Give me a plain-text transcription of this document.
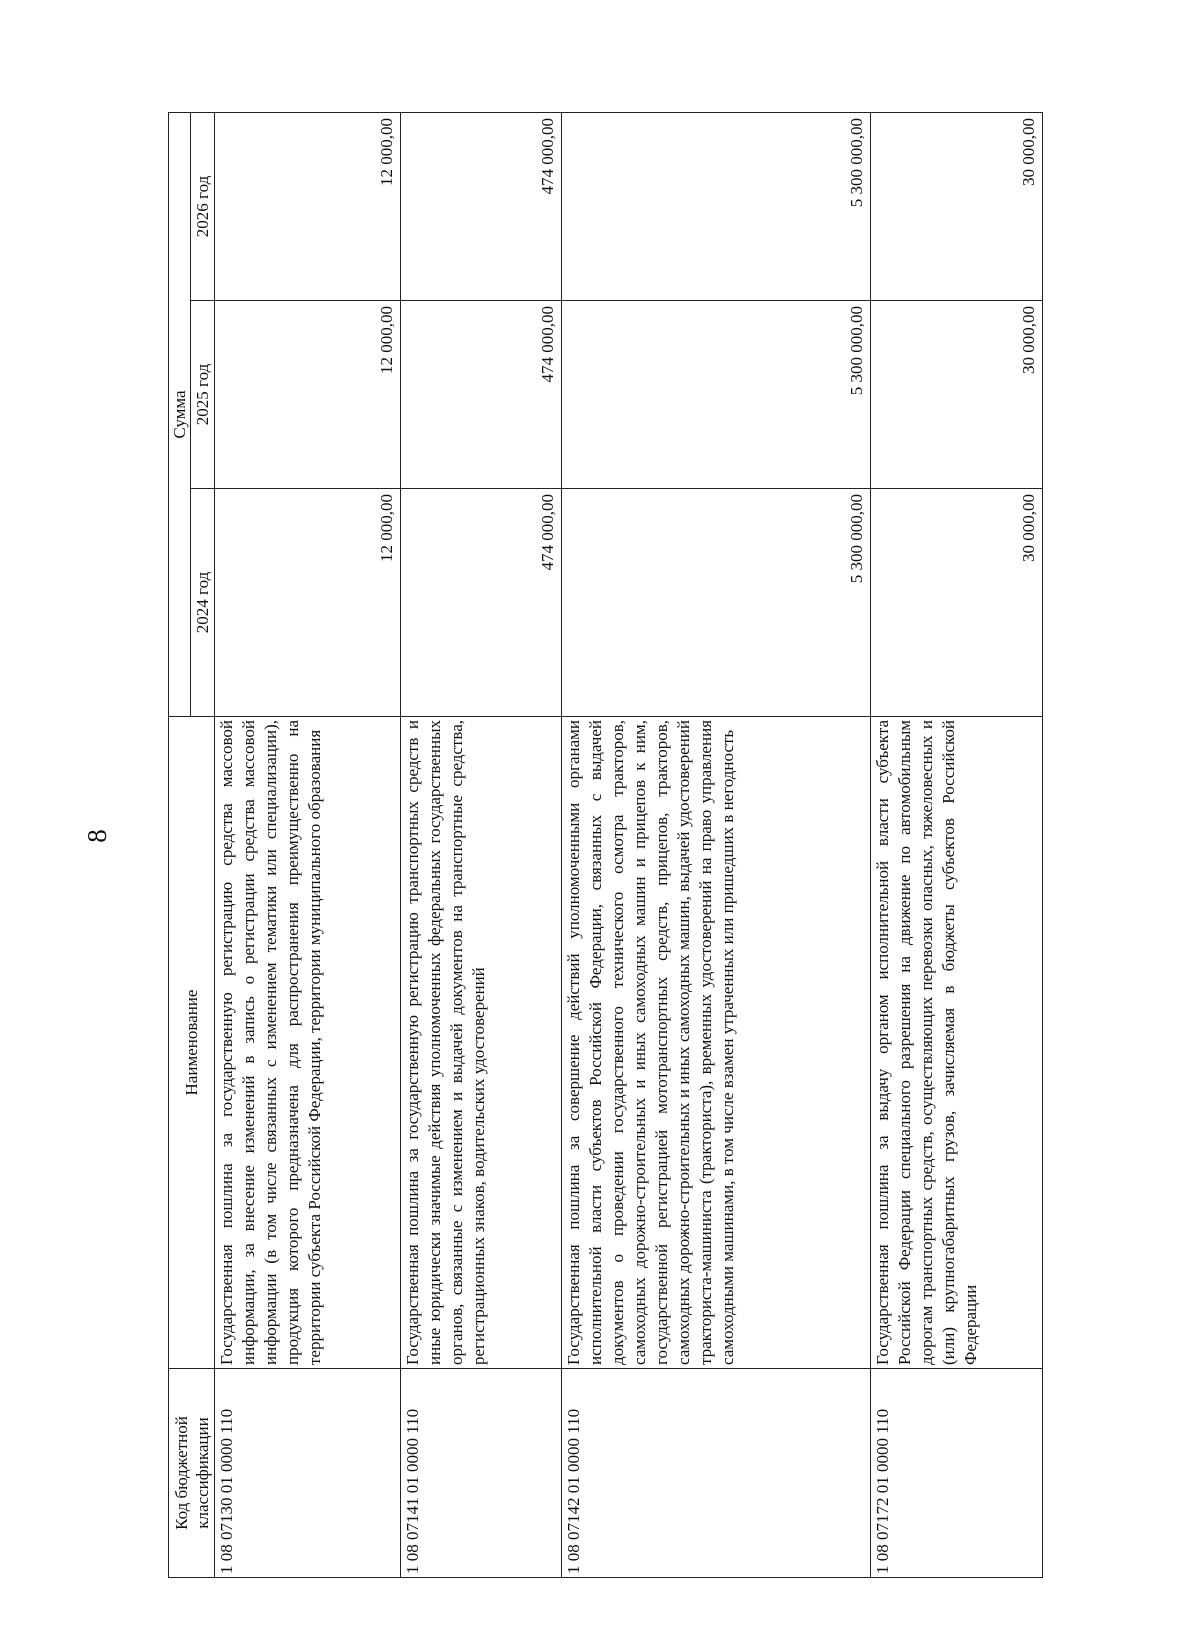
8
Код бюджетной классификации	Наименование	Сумма		
		2024 год	2025 год	2026 год
1 08 07130 01 0000 110	Государственная пошлина за государственную регистрацию средства массовой информации, за внесение изменений в запись о регистрации средства массовой информации (в том числе связанных с изменением тематики или специализации), продукция которого предназначена для распространения преимущественно на территории субъекта Российской Федерации, территории муниципального образования	12 000,00	12 000,00	12 000,00
1 08 07141 01 0000 110	Государственная пошлина за государственную регистрацию транспортных средств и иные юридически значимые действия уполномоченных федеральных государственных органов, связанные с изменением и выдачей документов на транспортные средства, регистрационных знаков, водительских удостоверений	474 000,00	474 000,00	474 000,00
1 08 07142 01 0000 110	Государственная пошлина за совершение действий уполномоченными органами исполнительной власти субъектов Российской Федерации, связанных с выдачей документов о проведении государственного технического осмотра тракторов, самоходных дорожно-строительных и иных самоходных машин и прицепов к ним, государственной регистрацией мототранспортных средств, прицепов, тракторов, самоходных дорожно-строительных и иных самоходных машин, выдачей удостоверений тракториста-машиниста (тракториста), временных удостоверений на право управления самоходными машинами, в том числе взамен утраченных или пришедших в негодность	5 300 000,00	5 300 000,00	5 300 000,00
1 08 07172 01 0000 110	Государственная пошлина за выдачу органом исполнительной власти субъекта Российской Федерации специального разрешения на движение по автомобильным дорогам транспортных средств, осуществляющих перевозки опасных, тяжеловесных и (или) крупногабаритных грузов, зачисляемая в бюджеты субъектов Российской Федерации	30 000,00	30 000,00	30 000,00
